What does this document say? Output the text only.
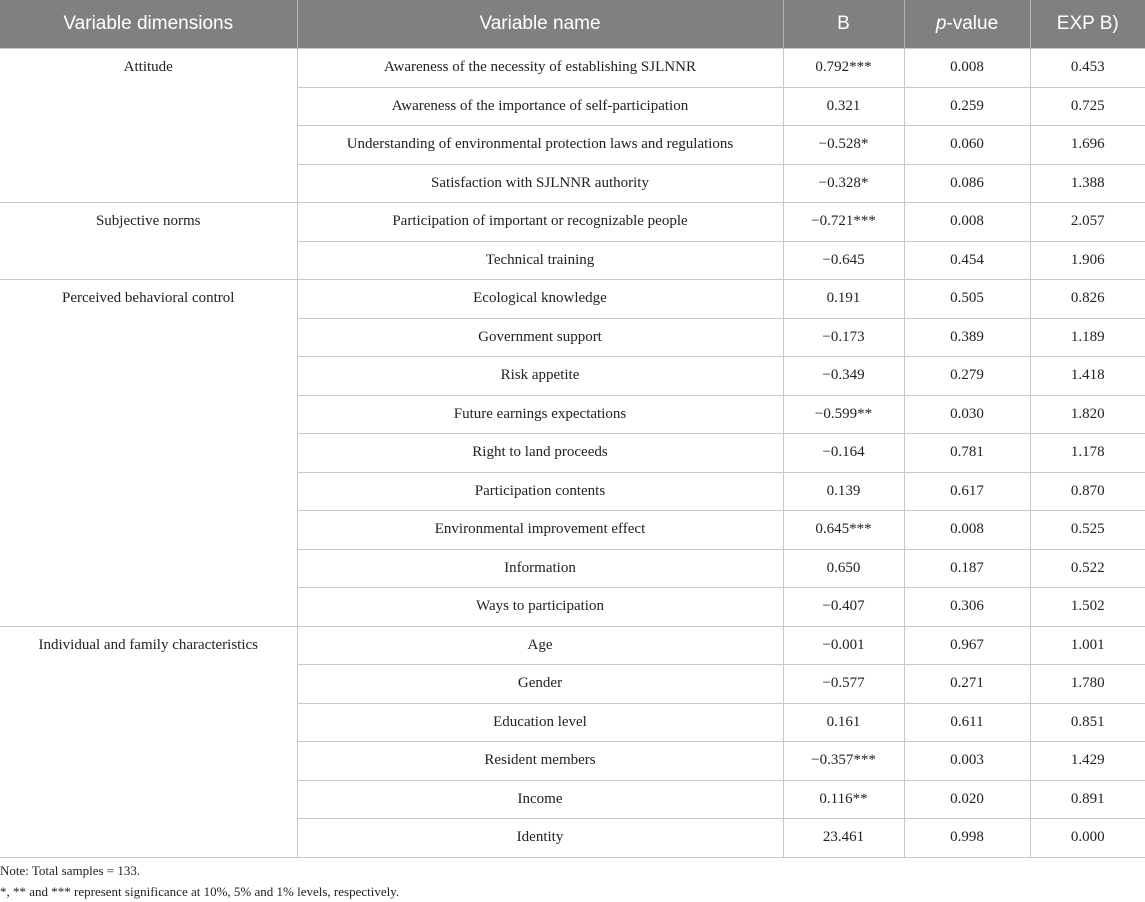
Variable dimensions	Variable name	B	p-value	EXP B)
Attitude	Awareness of the necessity of establishing SJLNNR	0.792***	0.008	0.453
	Awareness of the importance of self-participation	0.321	0.259	0.725
	Understanding of environmental protection laws and regulations	−0.528*	0.060	1.696
	Satisfaction with SJLNNR authority	−0.328*	0.086	1.388
Subjective norms	Participation of important or recognizable people	−0.721***	0.008	2.057
	Technical training	−0.645	0.454	1.906
Perceived behavioral control	Ecological knowledge	0.191	0.505	0.826
	Government support	−0.173	0.389	1.189
	Risk appetite	−0.349	0.279	1.418
	Future earnings expectations	−0.599**	0.030	1.820
	Right to land proceeds	−0.164	0.781	1.178
	Participation contents	0.139	0.617	0.870
	Environmental improvement effect	0.645***	0.008	0.525
	Information	0.650	0.187	0.522
	Ways to participation	−0.407	0.306	1.502
Individual and family characteristics	Age	−0.001	0.967	1.001
	Gender	−0.577	0.271	1.780
	Education level	0.161	0.611	0.851
	Resident members	−0.357***	0.003	1.429
	Income	0.116**	0.020	0.891
	Identity	23.461	0.998	0.000
Note: Total samples = 133.
*, ** and *** represent significance at 10%, 5% and 1% levels, respectively.
